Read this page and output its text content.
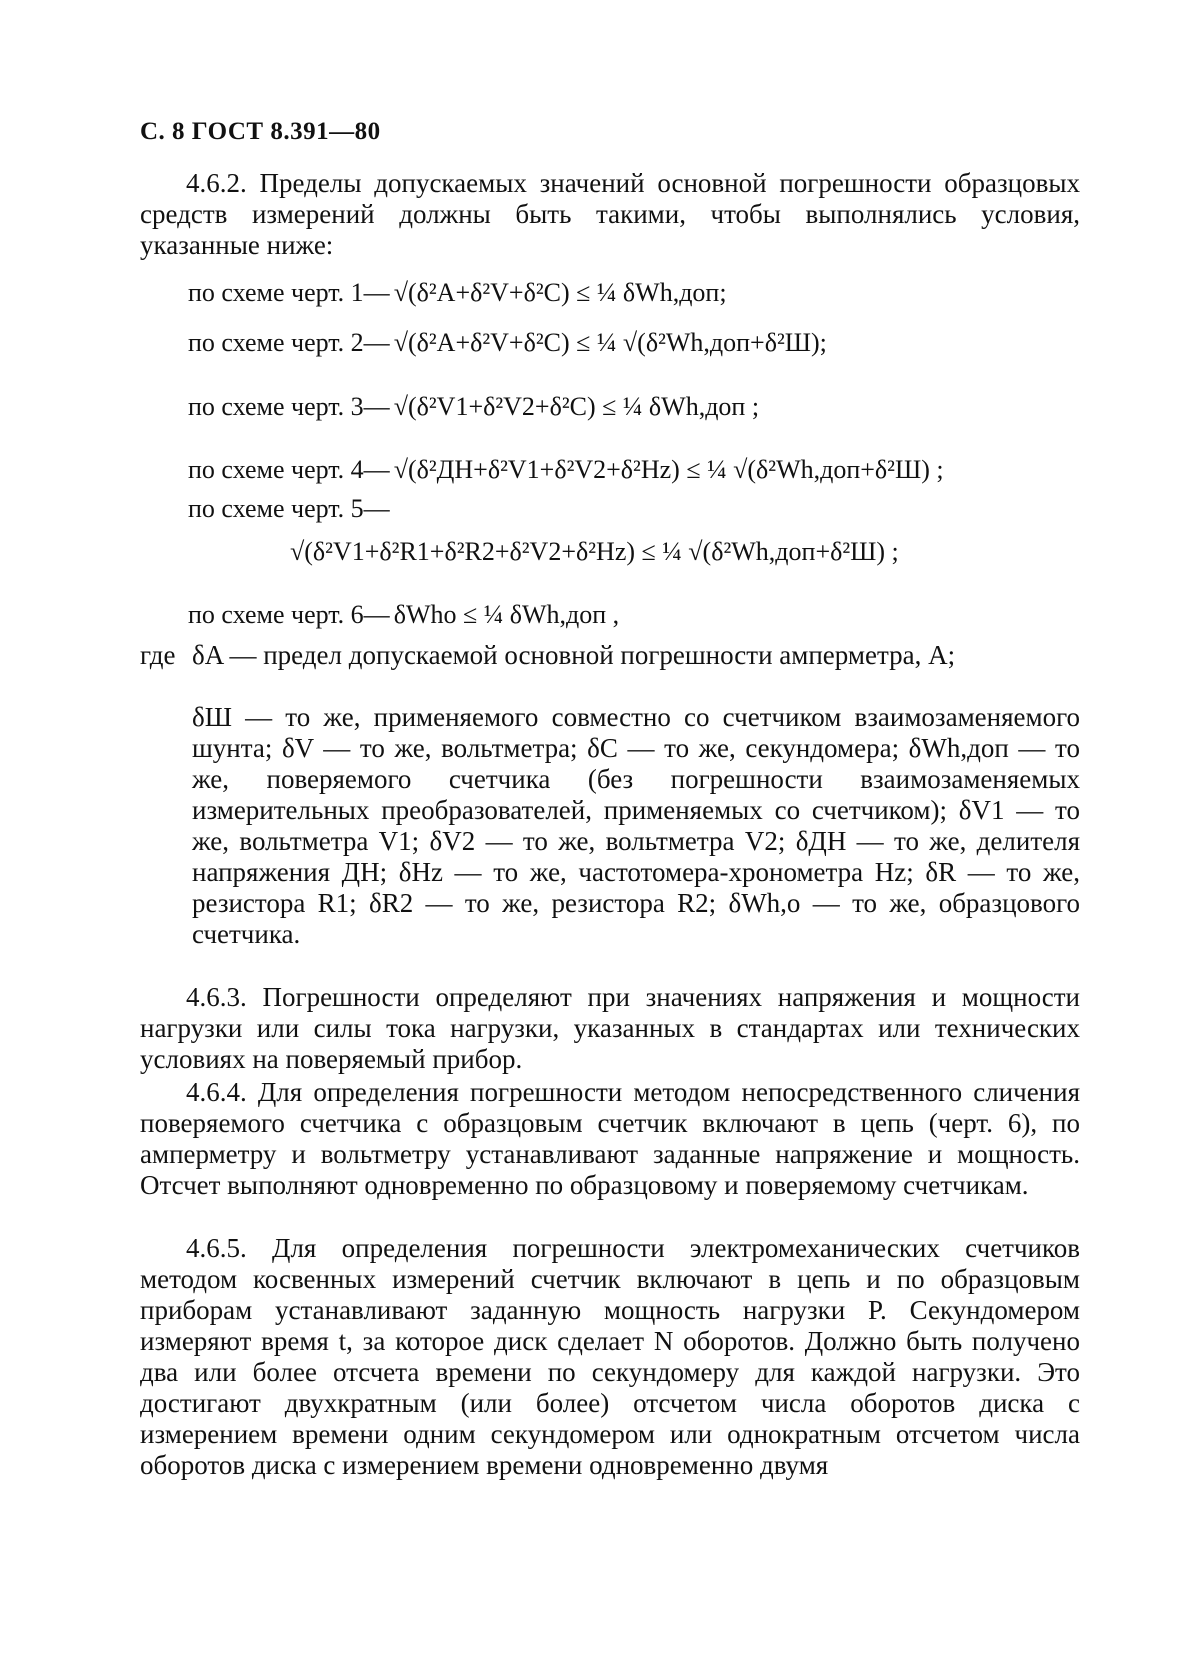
С. 8 ГОСТ 8.391—80
4.6.2. Пределы допускаемых значений основной погрешности образцовых средств измерений должны быть такими, чтобы выполнялись условия, указанные ниже:
по схеме черт. 1— √(δ²A+δ²V+δ²C) ≤ ¼ δWh,доп;
по схеме черт. 2— √(δ²A+δ²V+δ²C) ≤ ¼ √(δ²Wh,доп+δ²Ш);
по схеме черт. 3— √(δ²V1+δ²V2+δ²C) ≤ ¼ δWh,доп ;
по схеме черт. 4— √(δ²ДН+δ²V1+δ²V2+δ²Hz) ≤ ¼ √(δ²Wh,доп+δ²Ш) ;
по схеме черт. 5—
√(δ²V1+δ²R1+δ²R2+δ²V2+δ²Hz) ≤ ¼ √(δ²Wh,доп+δ²Ш) ;
по схеме черт. 6— δWho ≤ ¼ δWh,доп ,
где δA — предел допускаемой основной погрешности амперметра, А;
δШ — то же, применяемого совместно со счетчиком взаимозаменяемого шунта; δV — то же, вольтметра; δC — то же, секундомера; δWh,доп — то же, поверяемого счетчика (без погрешности взаимозаменяемых измерительных преобразователей, применяемых со счетчиком); δV1 — то же, вольтметра V1; δV2 — то же, вольтметра V2; δДН — то же, делителя напряжения ДН; δHz — то же, частотомера-хронометра Hz; δR — то же, резистора R1; δR2 — то же, резистора R2; δWh,o — то же, образцового счетчика.
4.6.3. Погрешности определяют при значениях напряжения и мощности нагрузки или силы тока нагрузки, указанных в стандартах или технических условиях на поверяемый прибор.
4.6.4. Для определения погрешности методом непосредственного сличения поверяемого счетчика с образцовым счетчик включают в цепь (черт. 6), по амперметру и вольтметру устанавливают заданные напряжение и мощность. Отсчет выполняют одновременно по образцовому и поверяемому счетчикам.
4.6.5. Для определения погрешности электромеханических счетчиков методом косвенных измерений счетчик включают в цепь и по образцовым приборам устанавливают заданную мощность нагрузки P. Секундомером измеряют время t, за которое диск сделает N оборотов. Должно быть получено два или более отсчета времени по секундомеру для каждой нагрузки. Это достигают двухкратным (или более) отсчетом числа оборотов диска с измерением времени одним секундомером или однократным отсчетом числа оборотов диска с измерением времени одновременно двумя
